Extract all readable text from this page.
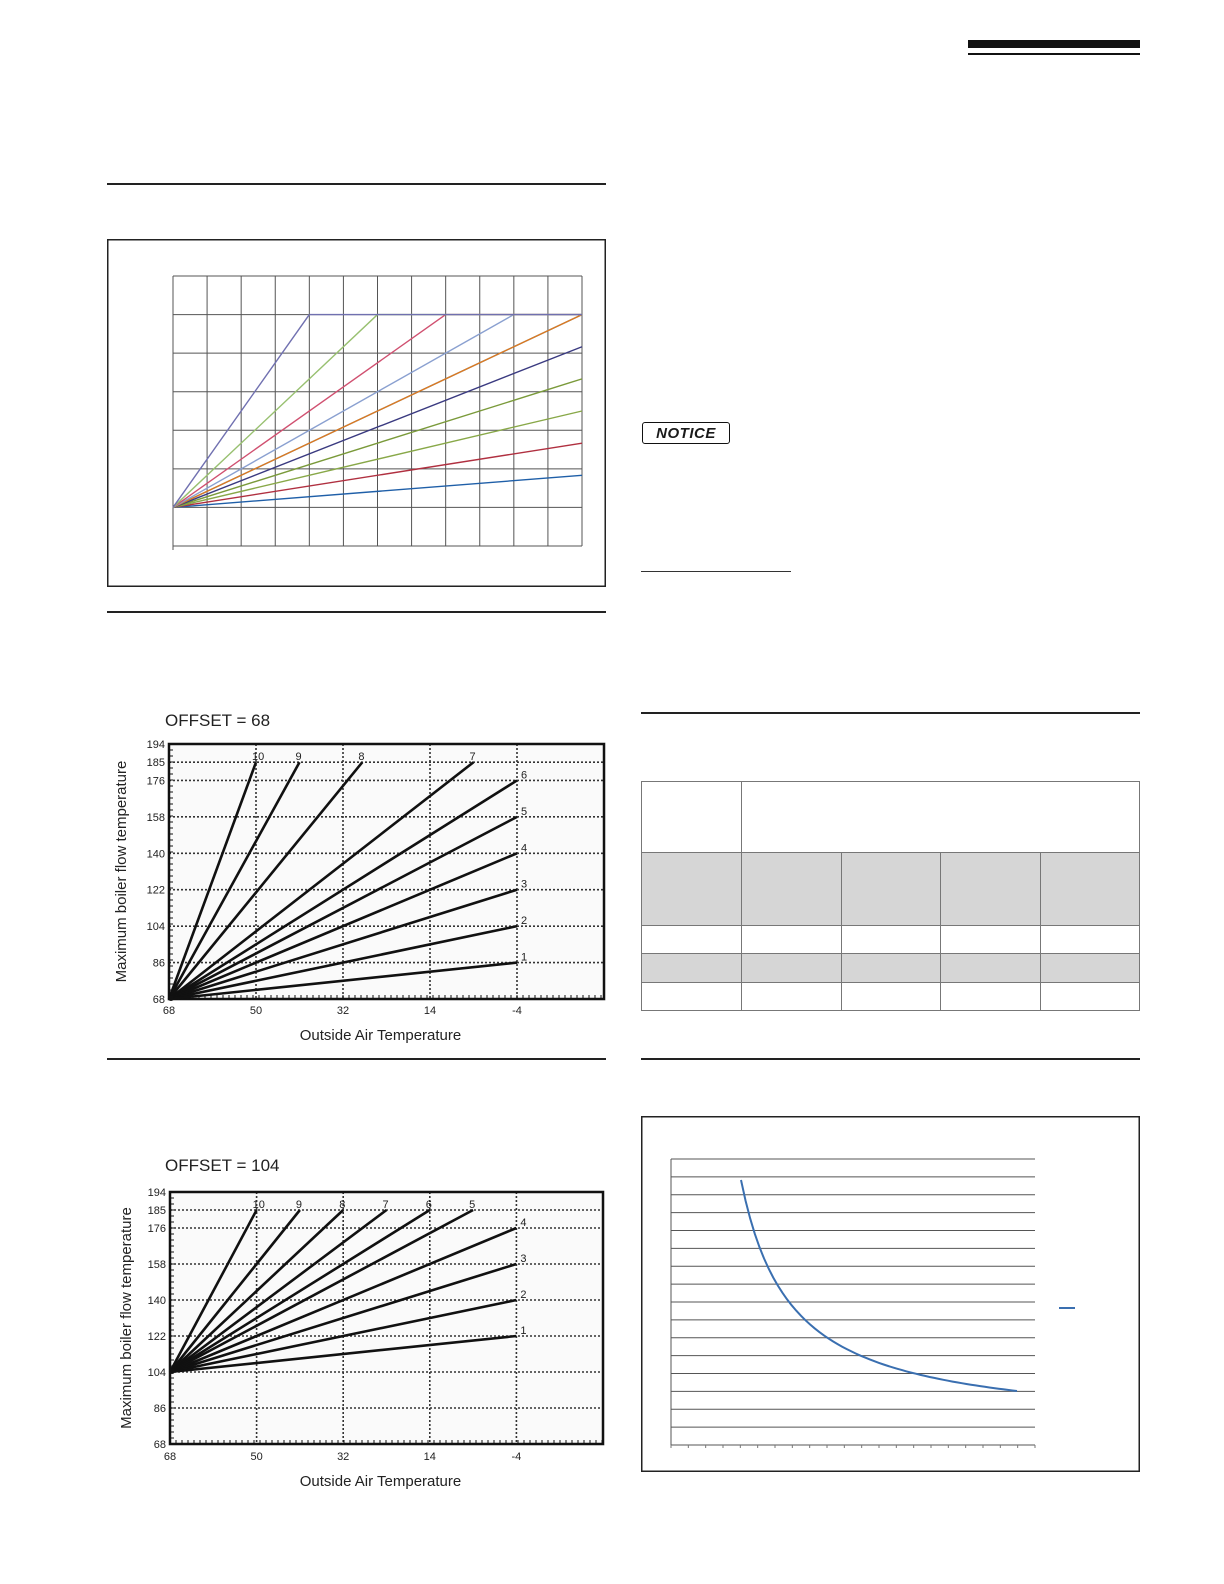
NOTICE
10	9	8	7
6
5
4
3
2
1
194
185
176
158
140
122
104
86
68
68	50	32	14	-4
OFFSET = 68
Outside Air Temperature
Maximum boiler flow temperature
10	9	8	7	6	5
4
3
2
1
194
185
176
158
140
122
104
86
68
68	50	32	14	-4
OFFSET = 104
Outside Air Temperature
Maximum boiler flow temperature
